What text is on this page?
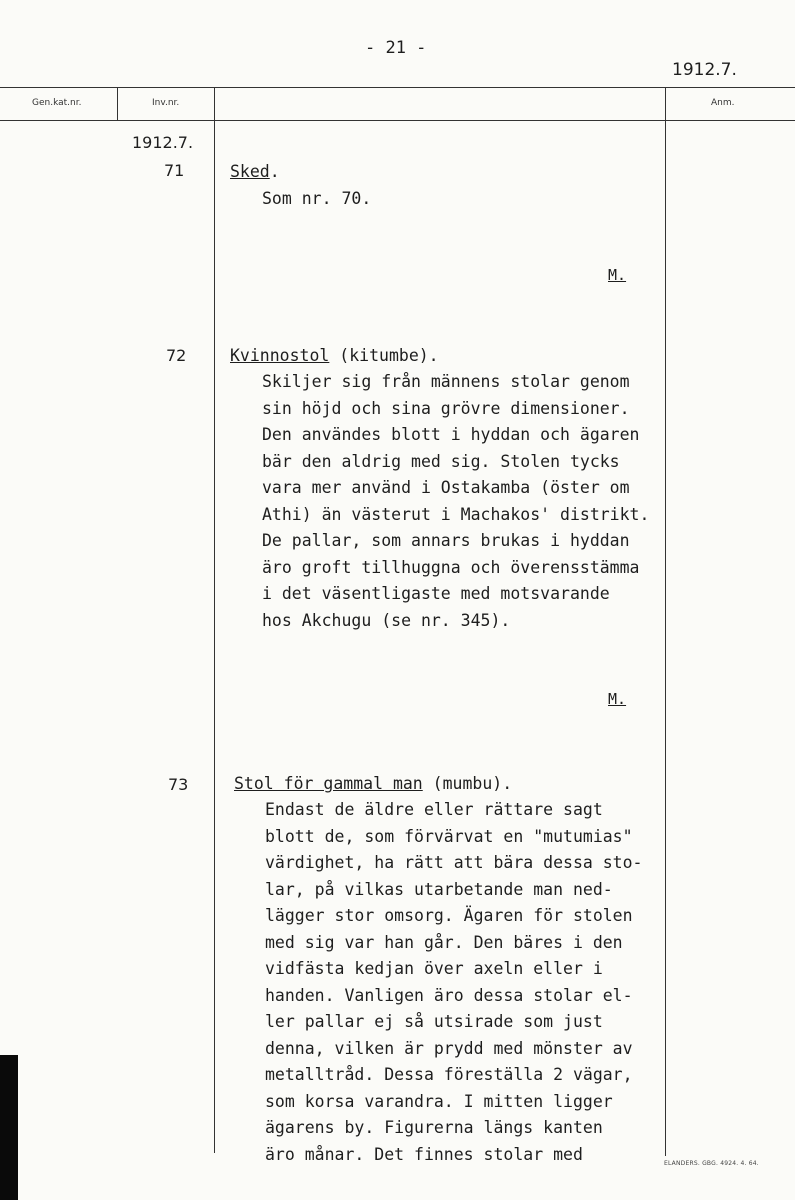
- 21 -
1912.7.
Gen.kat.nr.	Inv.nr.	Anm.
1912.7.
71	Sked.
Som nr. 70.
M.
72	Kvinnostol (kitumbe).
Skiljer sig från männens stolar genom
sin höjd och sina grövre dimensioner.
Den användes blott i hyddan och ägaren
bär den aldrig med sig. Stolen tycks
vara mer använd i Ostakamba (öster om
Athi) än västerut i Machakos' distrikt.
De pallar, som annars brukas i hyddan
äro groft tillhuggna och överensstämma
i det väsentligaste med motsvarande
hos Akchugu (se nr. 345).
M.
73	Stol för gammal man (mumbu).
Endast de äldre eller rättare sagt
blott de, som förvärvat en "mutumias"
värdighet, ha rätt att bära dessa sto-
lar, på vilkas utarbetande man ned-
lägger stor omsorg. Ägaren för stolen
med sig var han går. Den bäres i den
vidfästa kedjan över axeln eller i
handen. Vanligen äro dessa stolar el-
ler pallar ej så utsirade som just
denna, vilken är prydd med mönster av
metalltråd. Dessa föreställa 2 vägar,
som korsa varandra. I mitten ligger
ägarens by. Figurerna längs kanten
äro månar. Det finnes stolar med	ELANDERS. GBG. 4924. 4. 64.
